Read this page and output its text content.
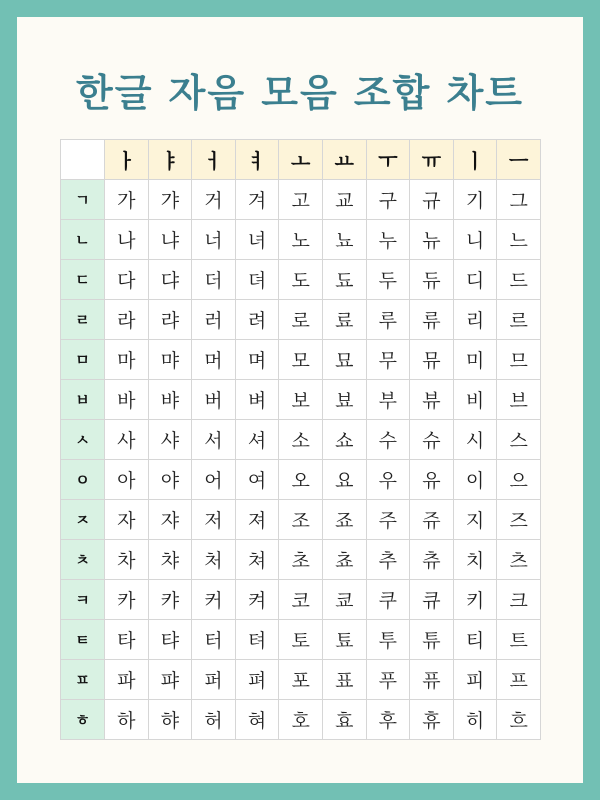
한글 자음 모음 조합 차트
	ㅏ	ㅑ	ㅓ	ㅕ	ㅗ	ㅛ	ㅜ	ㅠ	ㅣ	ㅡ
ㄱ	가	갸	거	겨	고	교	구	규	기	그
ㄴ	나	냐	너	녀	노	뇨	누	뉴	니	느
ㄷ	다	댜	더	뎌	도	됴	두	듀	디	드
ㄹ	라	랴	러	려	로	료	루	류	리	르
ㅁ	마	먀	머	며	모	묘	무	뮤	미	므
ㅂ	바	뱌	버	벼	보	뵤	부	뷰	비	브
ㅅ	사	샤	서	셔	소	쇼	수	슈	시	스
ㅇ	아	야	어	여	오	요	우	유	이	으
ㅈ	자	쟈	저	져	조	죠	주	쥬	지	즈
ㅊ	차	챠	처	쳐	초	쵸	추	츄	치	츠
ㅋ	카	캬	커	켜	코	쿄	쿠	큐	키	크
ㅌ	타	탸	터	텨	토	툐	투	튜	티	트
ㅍ	파	퍄	퍼	펴	포	표	푸	퓨	피	프
ㅎ	하	햐	허	혀	호	효	후	휴	히	흐
